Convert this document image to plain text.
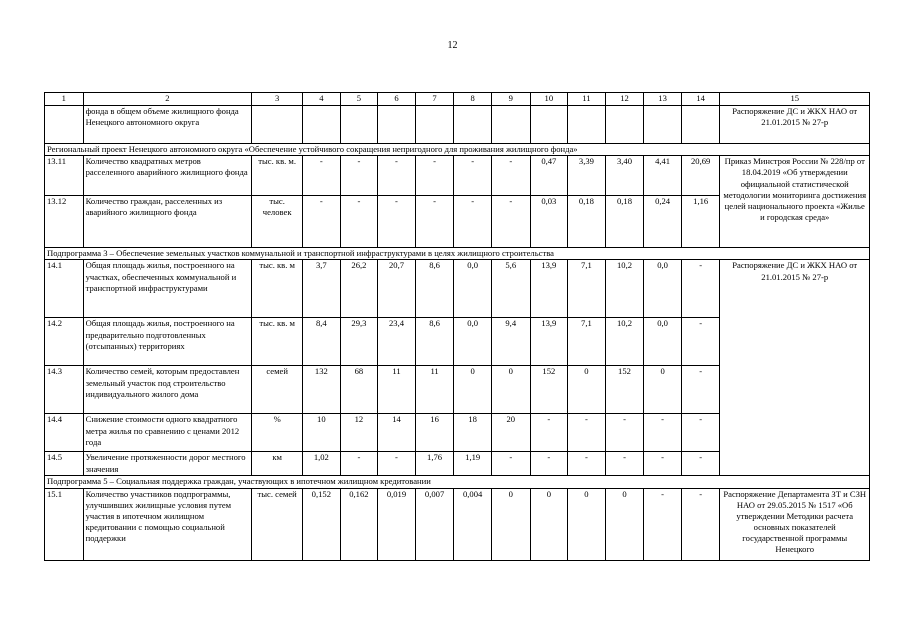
12
1	2	3	4	5	6	7	8	9	10	11	12	13	14	15
	фонда в общем объеме жилищного фонда Ненецкого автономного округа													Распоряжение ДС и ЖКХ НАО от 21.01.2015 № 27-р
Региональный проект Ненецкого автономного округа «Обеспечение устойчивого сокращения непригодного для проживания жилищного фонда»														
13.11	Количество квадратных метров расселенного аварийного жилищного фонда	тыс. кв. м.	-	-	-	-	-	-	0,47	3,39	3,40	4,41	20,69	Приказ Минстроя России № 228/пр от 18.04.2019 «Об утверждении официальной статистической методологии мониторинга достижения целей национального проекта «Жилье и городская среда»
13.12	Количество граждан, расселенных из аварийного жилищного фонда	тыс. человек	-	-	-	-	-	-	0,03	0,18	0,18	0,24	1,16	
Подпрограмма 3 – Обеспечение земельных участков коммунальной и транспортной инфраструктурами в целях жилищного строительства														
14.1	Общая площадь жилья, построенного на участках, обеспеченных коммунальной и транспортной инфраструктурами	тыс. кв. м	3,7	26,2	20,7	8,6	0,0	5,6	13,9	7,1	10,2	0,0	-	Распоряжение ДС и ЖКХ НАО от 21.01.2015 № 27-р
14.2	Общая площадь жилья, построенного на предварительно подготовленных (отсыпанных) территориях	тыс. кв. м	8,4	29,3	23,4	8,6	0,0	9,4	13,9	7,1	10,2	0,0	-	
14.3	Количество семей, которым предоставлен земельный участок под строительство индивидуального жилого дома	семей	132	68	11	11	0	0	152	0	152	0	-	
14.4	Снижение стоимости одного квадратного метра жилья по сравнению с ценами 2012 года	%	10	12	14	16	18	20	-	-	-	-	-	
14.5	Увеличение протяженности дорог местного значения	км	1,02	-	-	1,76	1,19	-	-	-	-	-	-	
Подпрограмма 5 – Социальная поддержка граждан, участвующих в ипотечном жилищном кредитовании														
15.1	Количество участников подпрограммы, улучшивших жилищные условия путем участия в ипотечном жилищном кредитовании с помощью социальной поддержки	тыс. семей	0,152	0,162	0,019	0,007	0,004	0	0	0	0	-	-	Распоряжение Департамента ЗТ и СЗН НАО от 29.05.2015 № 1517 «Об утверждении Методики расчета основных показателей государственной программы Ненецкого
